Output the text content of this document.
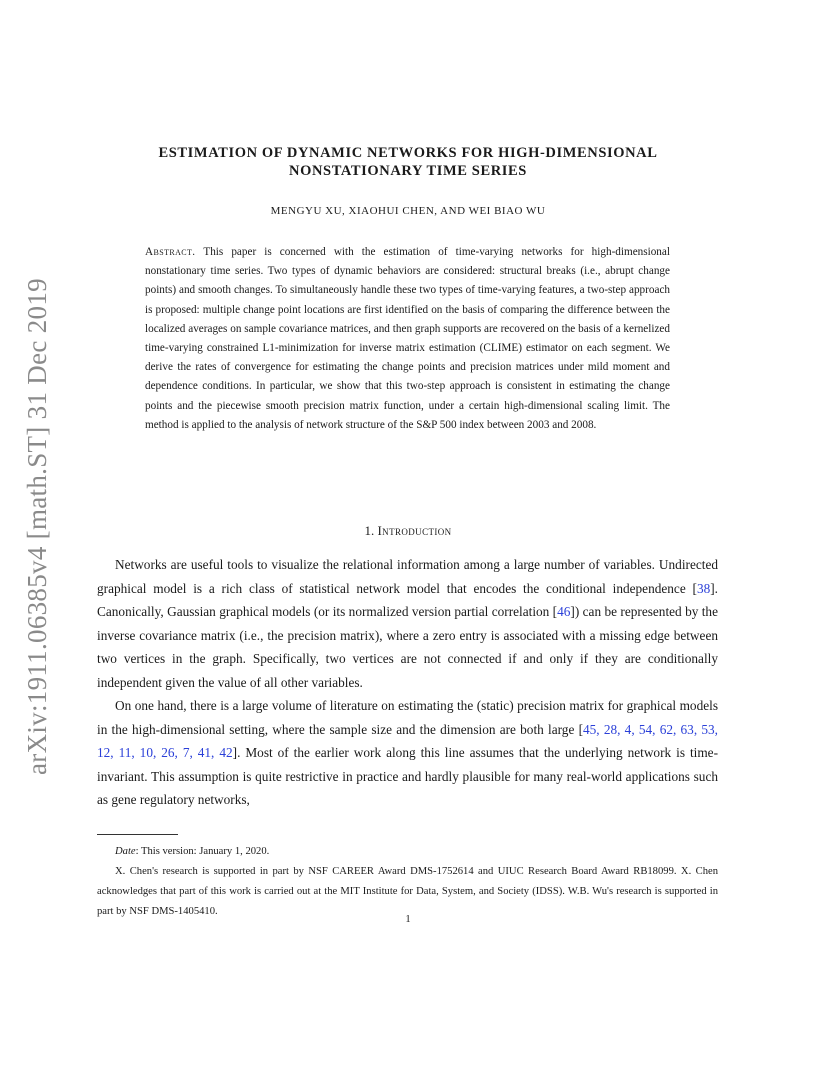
arXiv:1911.06385v4 [math.ST] 31 Dec 2019
ESTIMATION OF DYNAMIC NETWORKS FOR HIGH-DIMENSIONAL
NONSTATIONARY TIME SERIES
MENGYU XU, XIAOHUI CHEN, AND WEI BIAO WU
Abstract. This paper is concerned with the estimation of time-varying networks for high-dimensional nonstationary time series. Two types of dynamic behaviors are considered: structural breaks (i.e., abrupt change points) and smooth changes. To simultaneously handle these two types of time-varying features, a two-step approach is proposed: multiple change point locations are first identified on the basis of comparing the difference between the localized averages on sample covariance matrices, and then graph supports are recovered on the basis of a kernelized time-varying constrained L1-minimization for inverse matrix estimation (CLIME) estimator on each segment. We derive the rates of convergence for estimating the change points and precision matrices under mild moment and dependence conditions. In particular, we show that this two-step approach is consistent in estimating the change points and the piecewise smooth precision matrix function, under a certain high-dimensional scaling limit. The method is applied to the analysis of network structure of the S&P 500 index between 2003 and 2008.
1. Introduction

Networks are useful tools to visualize the relational information among a large number of variables. Undirected graphical model is a rich class of statistical network model that encodes the conditional independence [38]. Canonically, Gaussian graphical models (or its normalized version partial correlation [46]) can be represented by the inverse covariance matrix (i.e., the precision matrix), where a zero entry is associated with a missing edge between two vertices in the graph. Specifically, two vertices are not connected if and only if they are conditionally independent given the value of all other variables.

On one hand, there is a large volume of literature on estimating the (static) precision matrix for graphical models in the high-dimensional setting, where the sample size and the dimension are both large [45, 28, 4, 54, 62, 63, 53, 12, 11, 10, 26, 7, 41, 42]. Most of the earlier work along this line assumes that the underlying network is time-invariant. This assumption is quite restrictive in practice and hardly plausible for many real-world applications such as gene regulatory networks,

Date: This version: January 1, 2020.

X. Chen's research is supported in part by NSF CAREER Award DMS-1752614 and UIUC Research Board Award RB18099. X. Chen acknowledges that part of this work is carried out at the MIT Institute for Data, System, and Society (IDSS). W.B. Wu's research is supported in part by NSF DMS-1405410.

1
